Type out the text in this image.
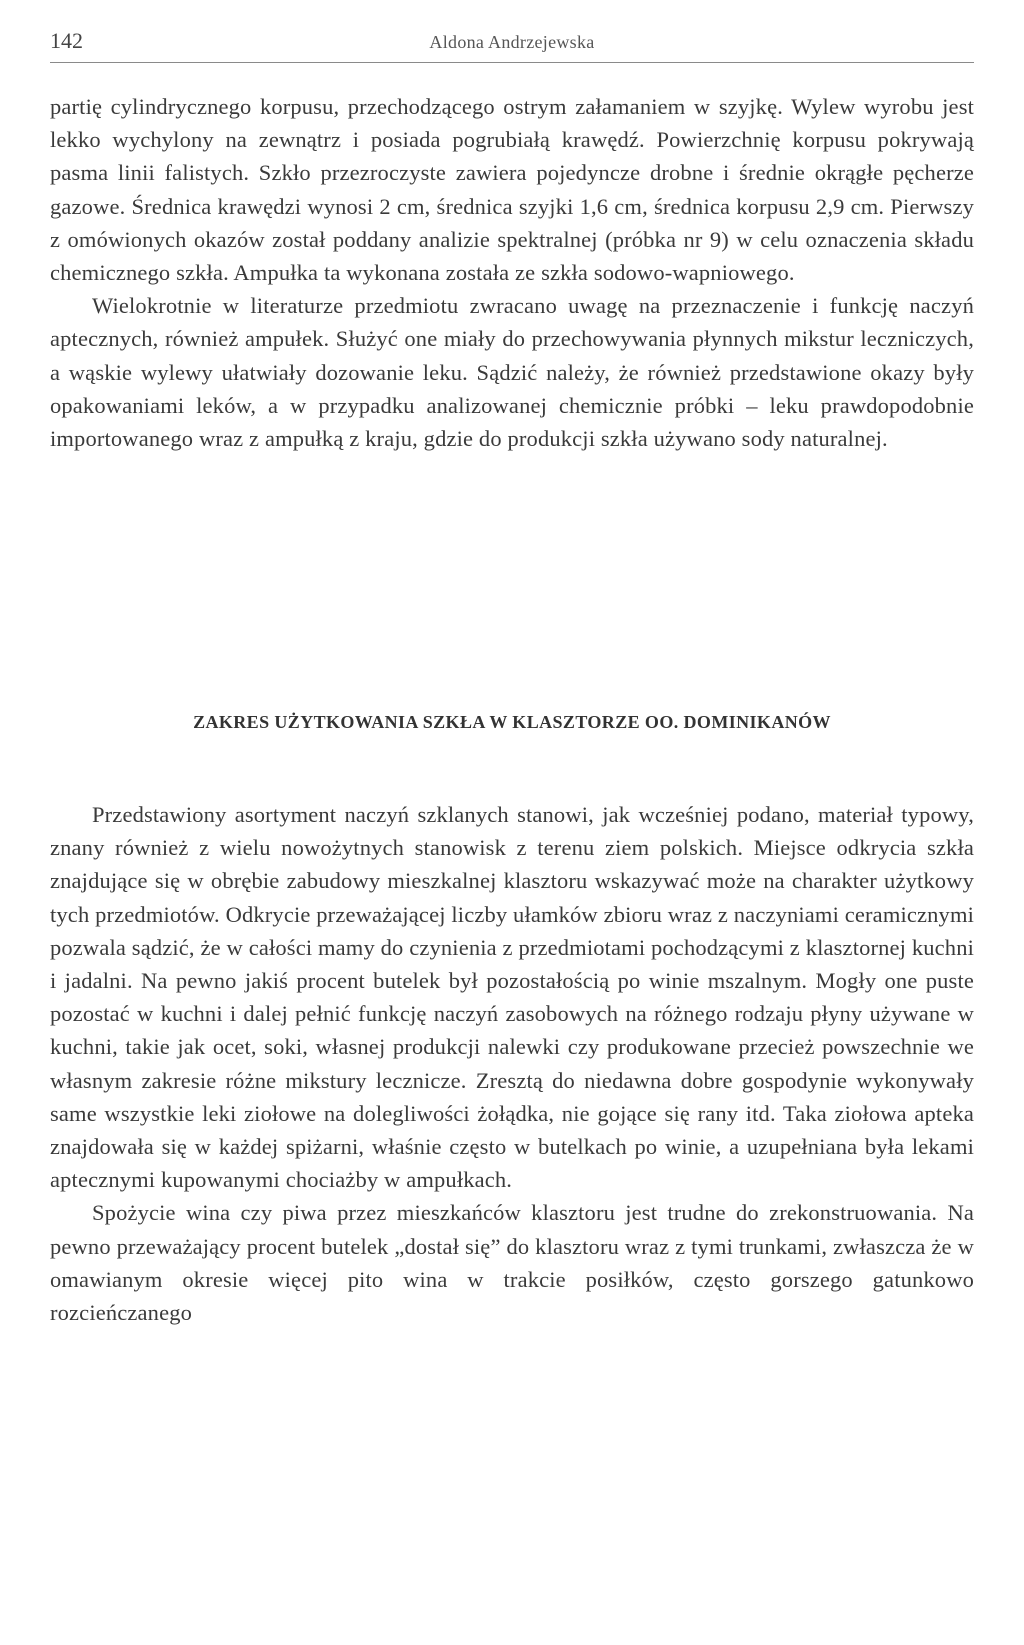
142	Aldona Andrzejewska

partię cylindrycznego korpusu, przechodzącego ostrym załamaniem w szyjkę. Wylew wyrobu jest lekko wychylony na zewnątrz i posiada pogrubiałą krawędź. Powierzchnię korpusu pokrywają pasma linii falistych. Szkło przezroczyste zawiera pojedyncze drobne i średnie okrągłe pęcherze gazowe. Średnica krawędzi wynosi 2 cm, średnica szyjki 1,6 cm, średnica korpusu 2,9 cm. Pierwszy z omówionych okazów został poddany analizie spektralnej (próbka nr 9) w celu oznaczenia składu chemicznego szkła. Ampułka ta wykonana została ze szkła sodowo-wapniowego.

Wielokrotnie w literaturze przedmiotu zwracano uwagę na przeznaczenie i funkcję naczyń aptecznych, również ampułek. Służyć one miały do przechowywania płynnych mikstur leczniczych, a wąskie wylewy ułatwiały dozowanie leku. Sądzić należy, że również przedstawione okazy były opakowaniami leków, a w przypadku analizowanej chemicznie próbki – leku prawdopodobnie importowanego wraz z ampułką z kraju, gdzie do produkcji szkła używano sody naturalnej.

ZAKRES UŻYTKOWANIA SZKŁA W KLASZTORZE OO. DOMINIKANÓW

Przedstawiony asortyment naczyń szklanych stanowi, jak wcześniej podano, materiał typowy, znany również z wielu nowożytnych stanowisk z terenu ziem polskich. Miejsce odkrycia szkła znajdujące się w obrębie zabudowy mieszkalnej klasztoru wskazywać może na charakter użytkowy tych przedmiotów. Odkrycie przeważającej liczby ułamków zbioru wraz z naczyniami ceramicznymi pozwala sądzić, że w całości mamy do czynienia z przedmiotami pochodzącymi z klasztornej kuchni i jadalni. Na pewno jakiś procent butelek był pozostałością po winie mszalnym. Mogły one puste pozostać w kuchni i dalej pełnić funkcję naczyń zasobowych na różnego rodzaju płyny używane w kuchni, takie jak ocet, soki, własnej produkcji nalewki czy produkowane przecież powszechnie we własnym zakresie różne mikstury lecznicze. Zresztą do niedawna dobre gospodynie wykonywały same wszystkie leki ziołowe na dolegliwości żołądka, nie gojące się rany itd. Taka ziołowa apteka znajdowała się w każdej spiżarni, właśnie często w butelkach po winie, a uzupełniana była lekami aptecznymi kupowanymi chociażby w ampułkach.

Spożycie wina czy piwa przez mieszkańców klasztoru jest trudne do zrekonstruowania. Na pewno przeważający procent butelek „dostał się” do klasztoru wraz z tymi trunkami, zwłaszcza że w omawianym okresie więcej pito wina w trakcie posiłków, często gorszego gatunkowo rozcieńczanego
